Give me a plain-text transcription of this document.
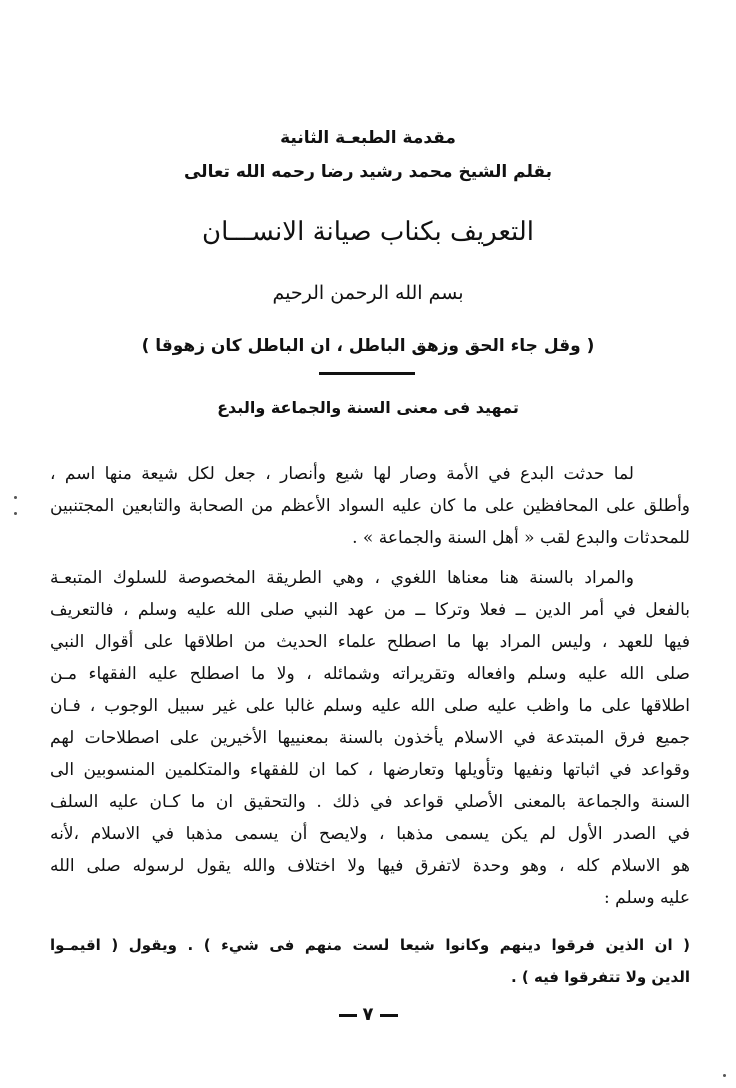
مقدمة الطبعـة الثانية
بقلم الشيخ محمد رشيد رضا رحمه الله تعالى
التعريف بكناب صيانة الانســـان
بسم الله الرحمن الرحيم
( وقل جاء الحق وزهق الباطل ، ان الباطل كان زهوقا )
تمهيد فى معنى السنة والجماعة والبدع
لما حدثت البدع في الأمة وصار لها شيع وأنصار ، جعل لكل شيعة منها اسم ،
وأطلق على المحافظين على ما كان عليه السواد الأعظم من الصحابة والتابعين المجتنبين
للمحدثات والبدع لقب « أهل السنة والجماعة » .
والمراد بالسنة هنا معناها اللغوي ، وهي الطريقة المخصوصة للسلوك المتبعـة
بالفعل في أمر الدين ــ فعلا وتركا ــ من عهد النبي صلى الله عليه وسلم ، فالتعريف
فيها للعهد ، وليس المراد بها ما اصطلح علماء الحديث من اطلاقها على أقوال النبي
صلى الله عليه وسلم وافعاله وتقريراته وشمائله ، ولا ما اصطلح عليه الفقهاء مـن
اطلاقها على ما واظب عليه صلى الله عليه وسلم غالبا على غير سبيل الوجوب ، فـان
جميع فرق المبتدعة في الاسلام يأخذون بالسنة بمعنييها الأخيرين على اصطلاحات لهم
وقواعد في اثباتها ونفيها وتأويلها وتعارضها ، كما ان للفقهاء والمتكلمين المنسوبين الى
السنة والجماعة بالمعنى الأصلي قواعد في ذلك . والتحقيق ان ما كـان عليه السلف
في الصدر الأول لم يكن يسمى مذهبا ، ولايصح أن يسمى مذهبا في الاسلام ،لأنه
هو الاسلام كله ، وهو وحدة لاتفرق فيها ولا اختلاف والله يقول لرسوله صلى الله
عليه وسلم :
( ان الذين فرقوا دينهم وكانوا شيعا لست منهم فى شيء ) . ويقول ( اقيمـوا
الدين ولا تتفرقوا فيه ) .
٧
